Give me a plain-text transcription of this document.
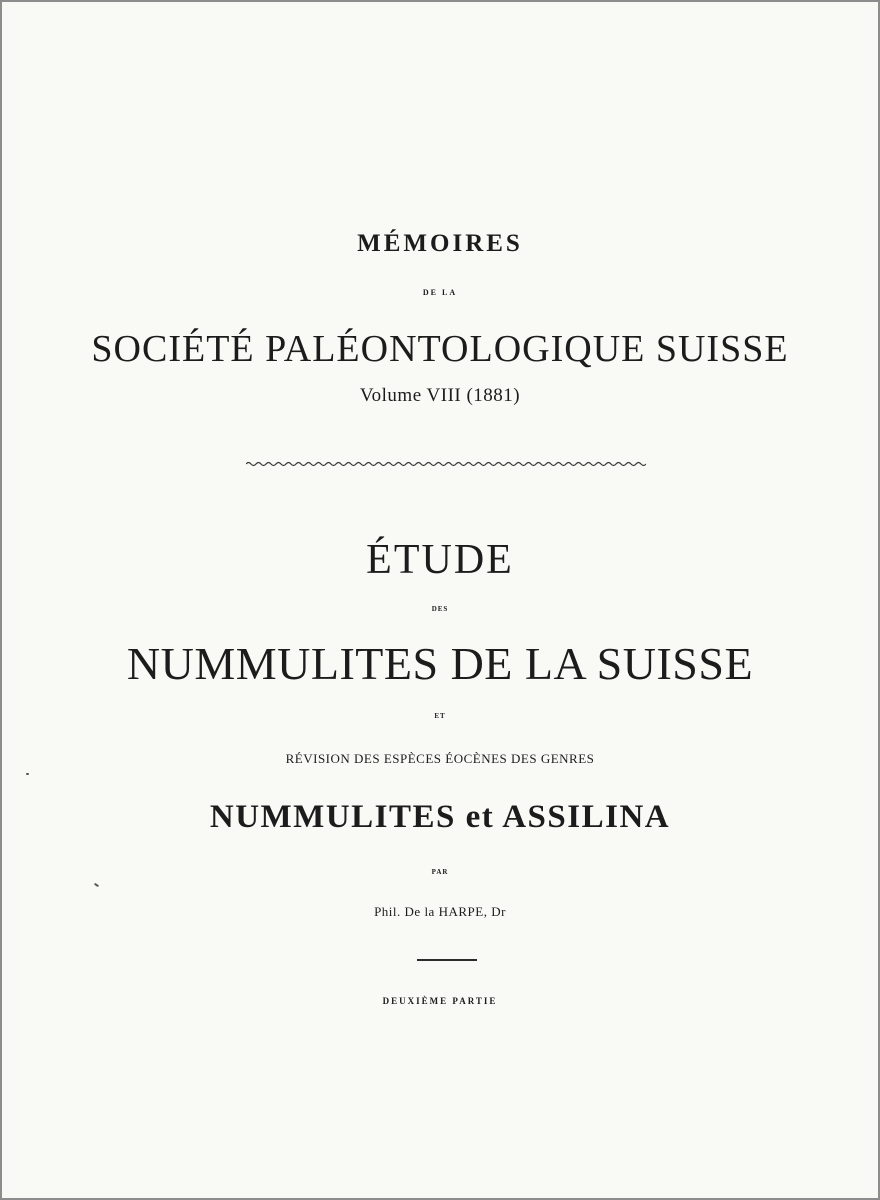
MÉMOIRES
DE LA
SOCIÉTÉ PALÉONTOLOGIQUE SUISSE
Volume VIII (1881)
ÉTUDE
DES
NUMMULITES DE LA SUISSE
ET
RÉVISION DES ESPÈCES ÉOCÈNES DES GENRES
NUMMULITES et ASSILINA
PAR
Phil. De la HARPE, Dr
DEUXIÈME PARTIE
